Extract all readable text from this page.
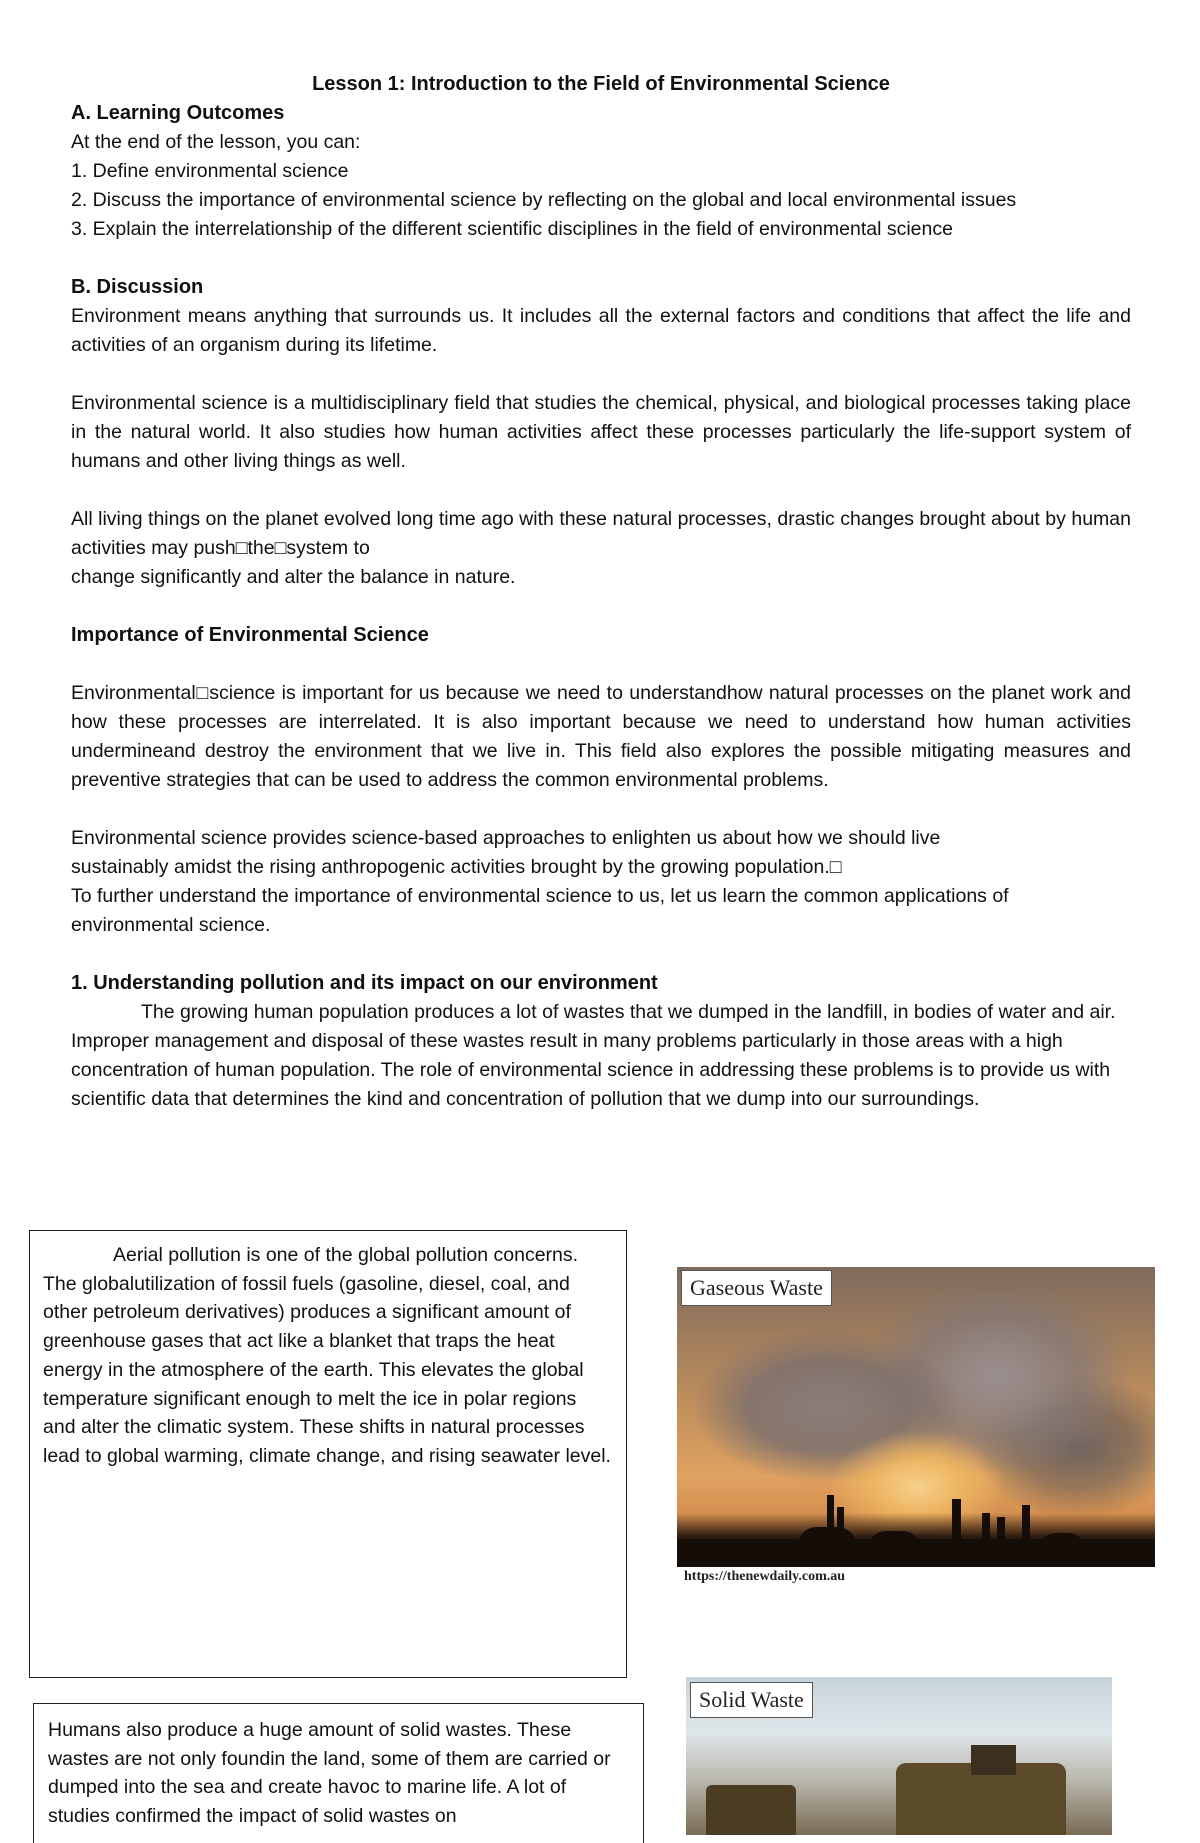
Lesson 1: Introduction to the Field of Environmental Science

A. Learning Outcomes

At the end of the lesson, you can:

1. Define environmental science
2. Discuss the importance of environmental science by reflecting on the global and local environmental issues
3. Explain the interrelationship of the different scientific disciplines in the field of environmental science

B. Discussion

Environment means anything that surrounds us. It includes all the external factors and conditions that affect the life and activities of an organism during its lifetime.

Environmental science is a multidisciplinary field that studies the chemical, physical, and biological processes taking place in the natural world. It also studies how human activities affect these processes particularly the life-support system of humans and other living things as well.

All living things on the planet evolved long time ago with these natural processes, drastic changes brought about by human activities may push□the□system to

change significantly and alter the balance in nature.

Importance of Environmental Science

Environmental□science is important for us because we need to understandhow natural processes on the planet work and how these processes are interrelated. It is also important because we need to understand how human activities undermineand destroy the environment that we live in. This field also explores the possible mitigating measures and preventive strategies that can be used to address the common environmental problems.

Environmental science provides science-based approaches to enlighten us about how we should live

sustainably amidst the rising anthropogenic activities brought by the growing population.□

To further understand the importance of environmental science to us, let us learn the common applications of environmental science.

1. Understanding pollution and its impact on our environment

The growing human population produces a lot of wastes that we dumped in the landfill, in bodies of water and air. Improper management and disposal of these wastes result in many problems particularly in those areas with a high concentration of human population. The role of environmental science in addressing these problems is to provide us with scientific data that determines the kind and concentration of pollution that we dump into our surroundings.

Aerial pollution is one of the global pollution concerns. The globalutilization of fossil fuels (gasoline, diesel, coal, and other petroleum derivatives) produces a significant amount of greenhouse gases that act like a blanket that traps the heat energy in the atmosphere of the earth. This elevates the global temperature significant enough to melt the ice in polar regions and alter the climatic system. These shifts in natural processes lead to global warming, climate change, and rising seawater level.

Gaseous Waste
https://thenewdaily.com.au

Humans also produce a huge amount of solid wastes. These wastes are not only foundin the land, some of them are carried or dumped into the sea and create havoc to marine life. A lot of studies confirmed the impact of solid wastes on

Solid Waste
